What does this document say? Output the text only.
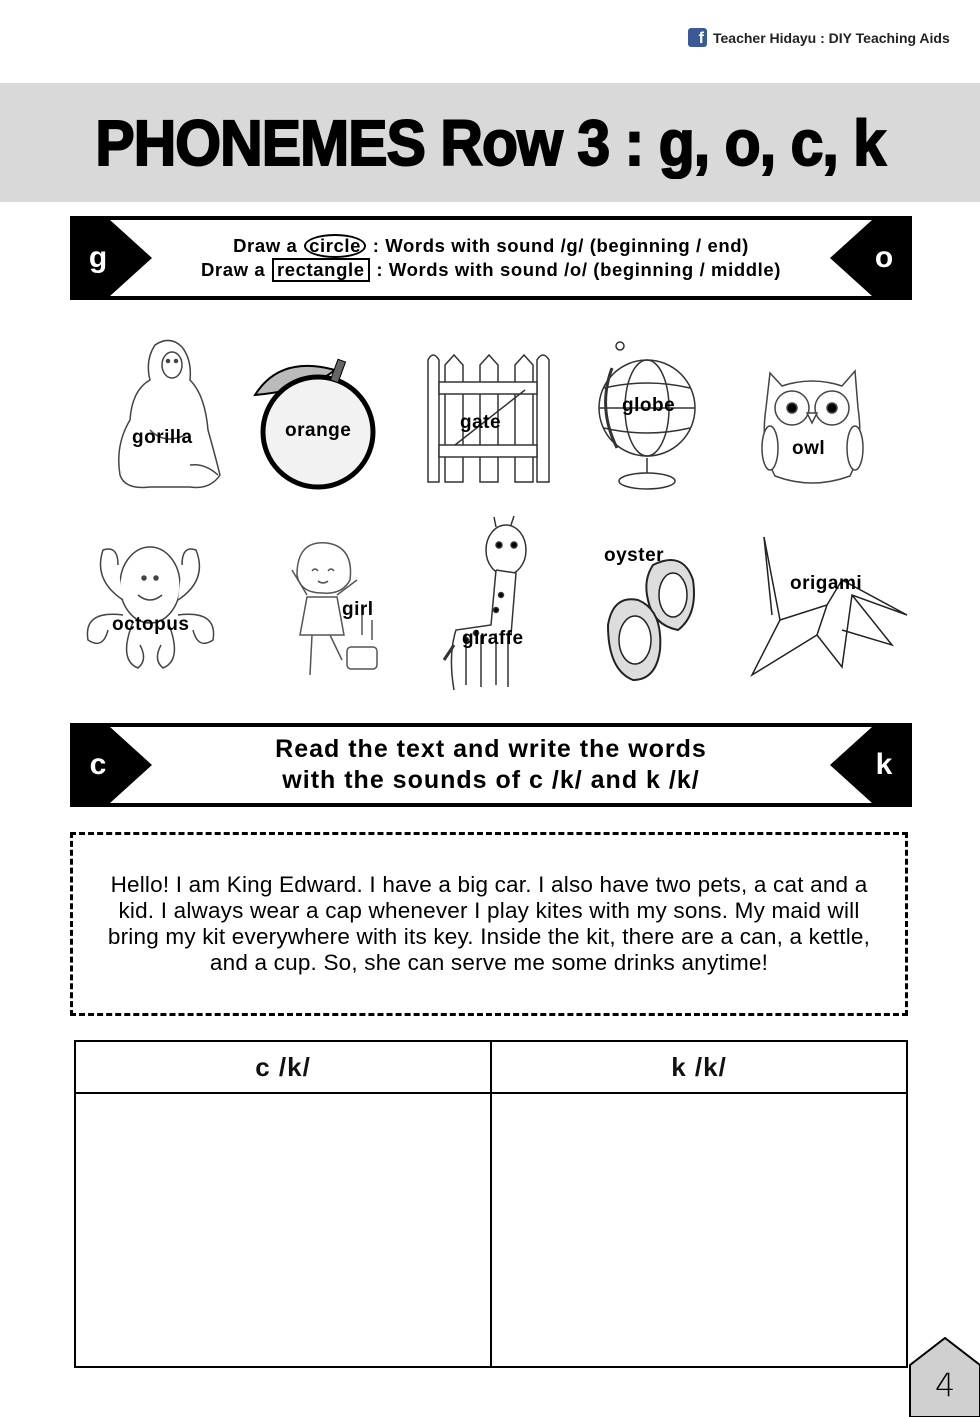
f Teacher Hidayu : DIY Teaching Aids
PHONEMES Row 3 : g, o, c, k
g	o
Draw a circle : Words with sound /g/ (beginning / end)
Draw a rectangle : Words with sound /o/ (beginning / middle)
gorilla	orange	gate
globe
owl
octopus
girl
giraffe
oyster
origami
c	k
Read the text and write the words
with the sounds of c /k/ and k /k/

Hello! I am King Edward. I have a big car. I also have two pets, a cat and a kid. I always wear a cap whenever I play kites with my sons. My maid will bring my kit everywhere with its key. Inside the kit, there are a can, a kettle, and a cup. So, she can serve me some drinks anytime!

c /k/	k /k/

4
